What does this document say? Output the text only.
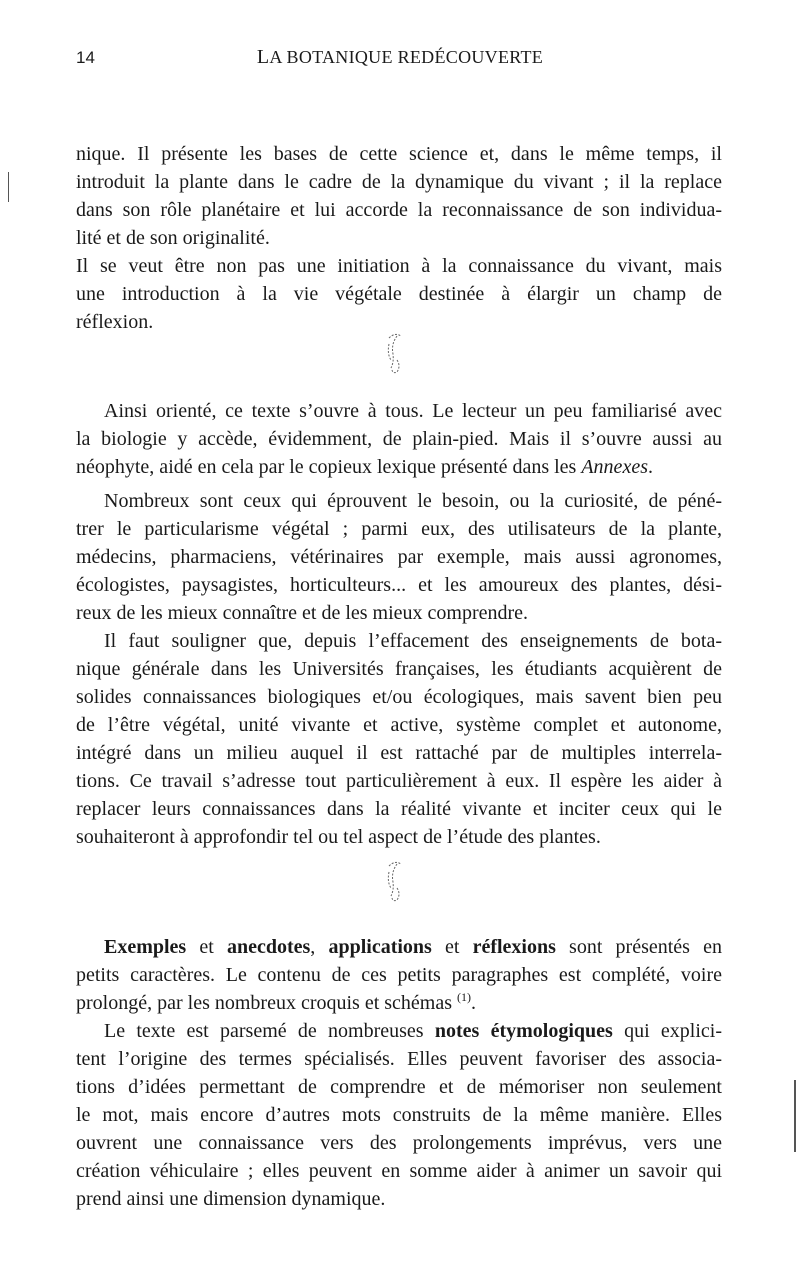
14	LA BOTANIQUE REDÉCOUVERTE
nique. Il présente les bases de cette science et, dans le même temps, il
introduit la plante dans le cadre de la dynamique du vivant ; il la replace
dans son rôle planétaire et lui accorde la reconnaissance de son individua-
lité et de son originalité.
Il se veut être non pas une initiation à la connaissance du vivant, mais
une introduction à la vie végétale destinée à élargir un champ de
réflexion.
Ainsi orienté, ce texte s’ouvre à tous. Le lecteur un peu familiarisé avec
la biologie y accède, évidemment, de plain-pied. Mais il s’ouvre aussi au
néophyte, aidé en cela par le copieux lexique présenté dans les Annexes.
Nombreux sont ceux qui éprouvent le besoin, ou la curiosité, de péné-
trer le particularisme végétal ; parmi eux, des utilisateurs de la plante,
médecins, pharmaciens, vétérinaires par exemple, mais aussi agronomes,
écologistes, paysagistes, horticulteurs... et les amoureux des plantes, dési-
reux de les mieux connaître et de les mieux comprendre.
Il faut souligner que, depuis l’effacement des enseignements de bota-
nique générale dans les Universités françaises, les étudiants acquièrent de
solides connaissances biologiques et/ou écologiques, mais savent bien peu
de l’être végétal, unité vivante et active, système complet et autonome,
intégré dans un milieu auquel il est rattaché par de multiples interrela-
tions. Ce travail s’adresse tout particulièrement à eux. Il espère les aider à
replacer leurs connaissances dans la réalité vivante et inciter ceux qui le
souhaiteront à approfondir tel ou tel aspect de l’étude des plantes.
Exemples et anecdotes, applications et réflexions sont présentés en
petits caractères. Le contenu de ces petits paragraphes est complété, voire
prolongé, par les nombreux croquis et schémas $^{(1)}$.
Le texte est parsemé de nombreuses notes étymologiques qui explici-
tent l’origine des termes spécialisés. Elles peuvent favoriser des associa-
tions d’idées permettant de comprendre et de mémoriser non seulement
le mot, mais encore d’autres mots construits de la même manière. Elles
ouvrent une connaissance vers des prolongements imprévus, vers une
création véhiculaire ; elles peuvent en somme aider à animer un savoir qui
prend ainsi une dimension dynamique.
